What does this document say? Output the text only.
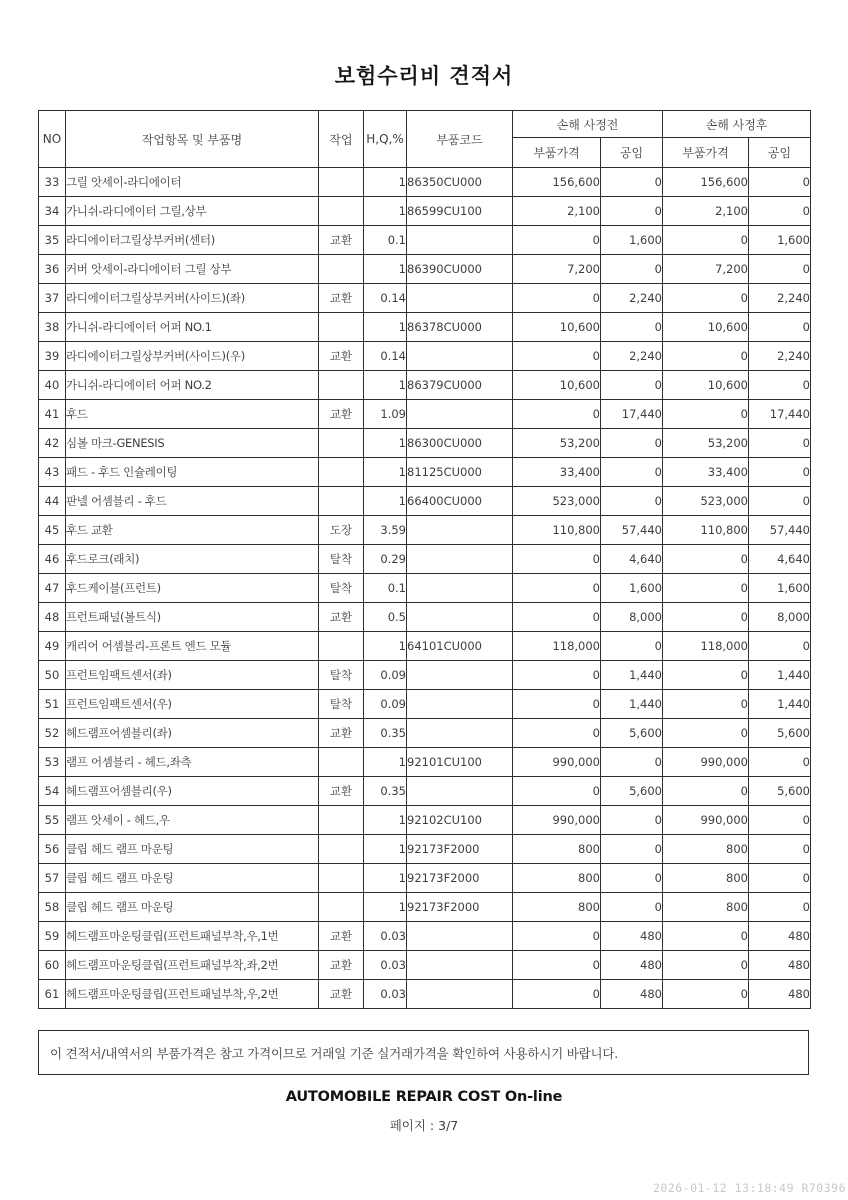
보험수리비 견적서
NO	작업항목 및 부품명	작업	H,Q,%	부품코드	손해 사정전		손해 사정후	
					부품가격	공임	부품가격	공임
33	그릴 앗세이-라디에이터		1	86350CU000	156,600	0	156,600	0
34	가니쉬-라디에이터 그릴,상부		1	86599CU100	2,100	0	2,100	0
35	라디에이터그릴상부커버(센터)	교환	0.1		0	1,600	0	1,600
36	커버 앗세이-라디에이터 그릴 상부		1	86390CU000	7,200	0	7,200	0
37	라디에이터그릴상부커버(사이드)(좌)	교환	0.14		0	2,240	0	2,240
38	가니쉬-라디에이터 어퍼 NO.1		1	86378CU000	10,600	0	10,600	0
39	라디에이터그릴상부커버(사이드)(우)	교환	0.14		0	2,240	0	2,240
40	가니쉬-라디에이터 어퍼 NO.2		1	86379CU000	10,600	0	10,600	0
41	후드	교환	1.09		0	17,440	0	17,440
42	심볼 마크-GENESIS		1	86300CU000	53,200	0	53,200	0
43	패드 - 후드 인슐레이팅		1	81125CU000	33,400	0	33,400	0
44	판넬 어셈블리 - 후드		1	66400CU000	523,000	0	523,000	0
45	후드 교환	도장	3.59		110,800	57,440	110,800	57,440
46	후드로크(래치)	탈착	0.29		0	4,640	0	4,640
47	후드케이블(프런트)	탈착	0.1		0	1,600	0	1,600
48	프런트패널(볼트식)	교환	0.5		0	8,000	0	8,000
49	캐리어 어셈블리-프론트 엔드 모듈		1	64101CU000	118,000	0	118,000	0
50	프런트임팩트센서(좌)	탈착	0.09		0	1,440	0	1,440
51	프런트임팩트센서(우)	탈착	0.09		0	1,440	0	1,440
52	헤드램프어셈블리(좌)	교환	0.35		0	5,600	0	5,600
53	램프 어셈블리 - 헤드,좌측		1	92101CU100	990,000	0	990,000	0
54	헤드램프어셈블리(우)	교환	0.35		0	5,600	0	5,600
55	램프 앗세이 - 헤드,우		1	92102CU100	990,000	0	990,000	0
56	클립 헤드 램프 마운팅		1	92173F2000	800	0	800	0
57	클립 헤드 램프 마운팅		1	92173F2000	800	0	800	0
58	클립 헤드 램프 마운팅		1	92173F2000	800	0	800	0
59	헤드램프마운팅클립(프런트패널부착,우,1번	교환	0.03		0	480	0	480
60	헤드램프마운팅클립(프런트패널부착,좌,2번	교환	0.03		0	480	0	480
61	헤드램프마운팅클립(프런트패널부착,우,2번	교환	0.03		0	480	0	480
이 견적서/내역서의 부품가격은 참고 가격이므로 거래일 기준 실거래가격을 확인하여 사용하시기 바랍니다.
AUTOMOBILE REPAIR COST On-line
페이지 : 3/7
2026-01-12 13:18:49 R70396
